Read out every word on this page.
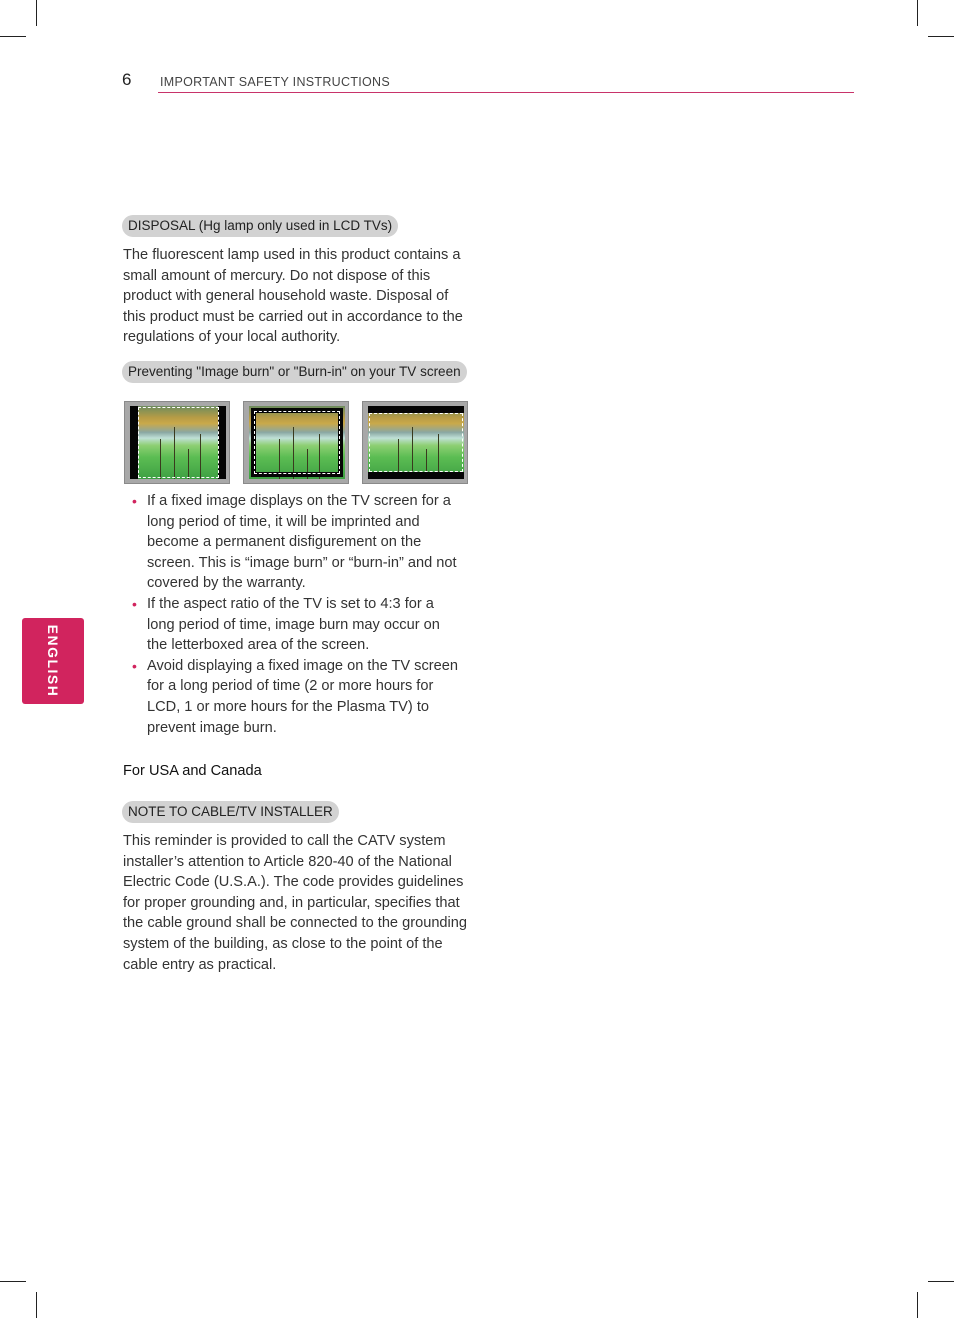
6 IMPORTANT SAFETY INSTRUCTIONS
ENGLISH
DISPOSAL (Hg lamp only used in LCD TVs)

The fluorescent lamp used in this product contains a small amount of mercury. Do not dispose of this product with general household waste. Disposal of this product must be carried out in accordance to the regulations of your local authority.

Preventing "Image burn" or "Burn-in" on your TV screen
• If a fixed image displays on the TV screen for a long period of time, it will be imprinted and become a permanent disfigurement on the screen. This is “image burn” or “burn-in” and not covered by the warranty.
• If the aspect ratio of the TV is set to 4:3 for a long period of time, image burn may occur on the letterboxed area of the screen.
• Avoid displaying a fixed image on the TV screen for a long period of time (2 or more hours for LCD, 1 or more hours for the Plasma TV) to prevent image burn.
For USA and Canada
NOTE TO CABLE/TV INSTALLER

This reminder is provided to call the CATV system installer’s attention to Article 820-40 of the National Electric Code (U.S.A.). The code provides guidelines for proper grounding and, in particular, specifies that the cable ground shall be connected to the grounding system of the building, as close to the point of the cable entry as practical.
